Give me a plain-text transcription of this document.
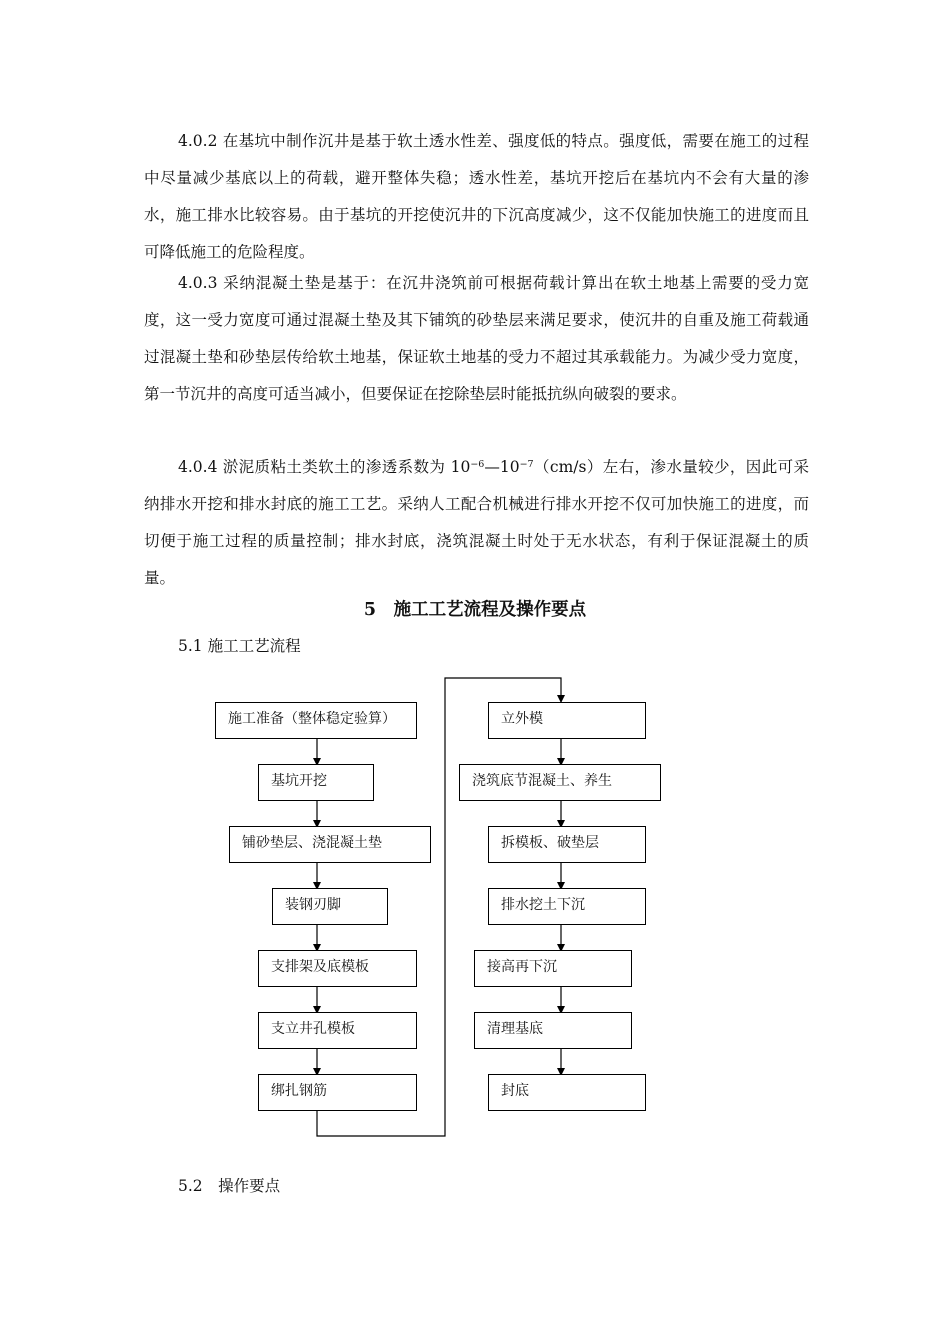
4.0.2 在基坑中制作沉井是基于软土透水性差、强度低的特点。强度低，需要在施工的过程中尽量减少基底以上的荷载，避开整体失稳；透水性差，基坑开挖后在基坑内不会有大量的渗水，施工排水比较容易。由于基坑的开挖使沉井的下沉高度减少，这不仅能加快施工的进度而且可降低施工的危险程度。

4.0.3 采纳混凝土垫是基于：在沉井浇筑前可根据荷载计算出在软土地基上需要的受力宽度，这一受力宽度可通过混凝土垫及其下铺筑的砂垫层来满足要求，使沉井的自重及施工荷载通过混凝土垫和砂垫层传给软土地基，保证软土地基的受力不超过其承载能力。为减少受力宽度，第一节沉井的高度可适当减小，但要保证在挖除垫层时能抵抗纵向破裂的要求。

4.0.4 淤泥质粘土类软土的渗透系数为 $10^{-6}—10^{-7}(cm/s)$左右，渗水量较少，因此可采纳排水开挖和排水封底的施工工艺。采纳人工配合机械进行排水开挖不仅可加快施工的进度，而切便于施工过程的质量控制；排水封底，浇筑混凝土时处于无水状态，有利于保证混凝土的质量。

5　施工工艺流程及操作要点

5.1 施工工艺流程

施工准备（整体稳定验算）
基坑开挖
铺砂垫层、浇混凝土垫
装钢刃脚
支排架及底模板
支立井孔模板
绑扎钢筋
立外模
浇筑底节混凝土、养生
拆模板、破垫层
排水挖土下沉
接高再下沉
清理基底
封底

5.2　操作要点
